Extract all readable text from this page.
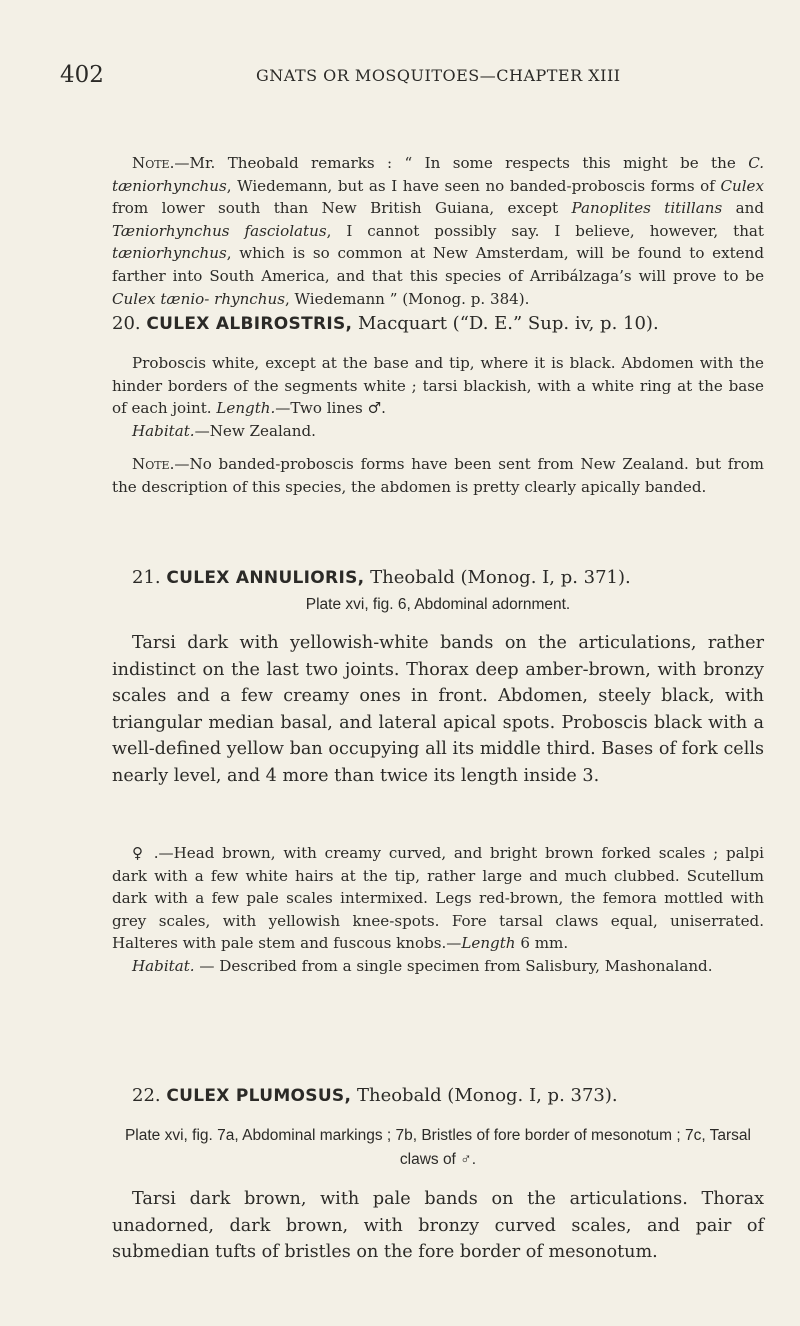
402	GNATS OR MOSQUITOES—CHAPTER XIII

Note.—Mr. Theobald remarks : “ In some respects this might be the C. tæniorhynchus, Wiedemann, but as I have seen no banded-proboscis forms of Culex from lower south than New British Guiana, except Panoplites titillans and Tæniorhynchus fasciolatus, I cannot possibly say. I believe, however, that tæniorhynchus, which is so common at New Amsterdam, will be found to extend farther into South America, and that this species of Arribálzaga’s will prove to be Culex tænio- rhynchus, Wiedemann ” (Monog. p. 384).

20. CULEX ALBIROSTRIS, Macquart (“D. E.” Sup. iv, p. 10).

Proboscis white, except at the base and tip, where it is black. Abdomen with the hinder borders of the segments white ; tarsi blackish, with a white ring at the base of each joint. Length.—Two lines ♂.

Habitat.—New Zealand.

Note.—No banded-proboscis forms have been sent from New Zealand. but from the description of this species, the abdomen is pretty clearly apically banded.

21. CULEX ANNULIORIS, Theobald (Monog. I, p. 371).

Plate xvi, fig. 6, Abdominal adornment.

Tarsi dark with yellowish-white bands on the articulations, rather indistinct on the last two joints. Thorax deep amber-brown, with bronzy scales and a few creamy ones in front. Abdomen, steely black, with triangular median basal, and lateral apical spots. Proboscis black with a well-defined yellow ban occupying all its middle third. Bases of fork cells nearly level, and 4 more than twice its length inside 3.

♀ .—Head brown, with creamy curved, and bright brown forked scales ; palpi dark with a few white hairs at the tip, rather large and much clubbed. Scutellum dark with a few pale scales intermixed. Legs red-brown, the femora mottled with grey scales, with yellowish knee-spots. Fore tarsal claws equal, uniserrated. Halteres with pale stem and fuscous knobs.—Length 6 mm.

Habitat. — Described from a single specimen from Salisbury, Mashonaland.

22. CULEX PLUMOSUS, Theobald (Monog. I, p. 373).

Plate xvi, fig. 7a, Abdominal markings ; 7b, Bristles of fore border of mesonotum ; 7c, Tarsal claws of ♂.

Tarsi dark brown, with pale bands on the articulations. Thorax unadorned, dark brown, with bronzy curved scales, and pair of submedian tufts of bristles on the fore border of mesonotum.
